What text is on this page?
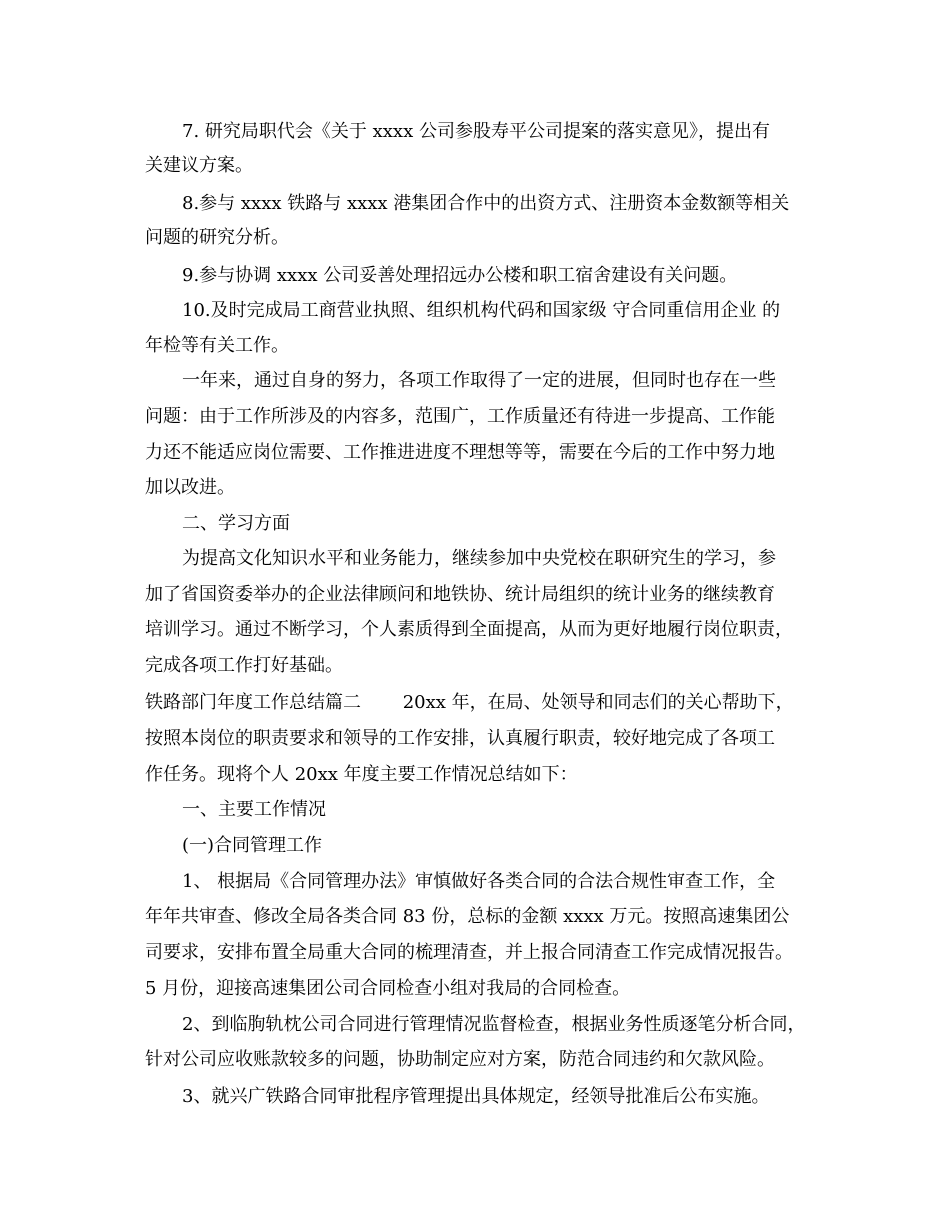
7. 研究局职代会《关于 xxxx 公司参股寿平公司提案的落实意见》，提出有
关建议方案。
8.参与 xxxx 铁路与 xxxx 港集团合作中的出资方式、注册资本金数额等相关
问题的研究分析。
9.参与协调 xxxx 公司妥善处理招远办公楼和职工宿舍建设有关问题。
10.及时完成局工商营业执照、组织机构代码和国家级 守合同重信用企业 的
年检等有关工作。
一年来，通过自身的努力，各项工作取得了一定的进展，但同时也存在一些
问题：由于工作所涉及的内容多，范围广，工作质量还有待进一步提高、工作能
力还不能适应岗位需要、工作推进进度不理想等等，需要在今后的工作中努力地
加以改进。
二、学习方面
为提高文化知识水平和业务能力，继续参加中央党校在职研究生的学习，参
加了省国资委举办的企业法律顾问和地铁协、统计局组织的统计业务的继续教育
培训学习。通过不断学习，个人素质得到全面提高，从而为更好地履行岗位职责，
完成各项工作打好基础。
铁路部门年度工作总结篇二　　 20xx 年，在局、处领导和同志们的关心帮助下，
按照本岗位的职责要求和领导的工作安排，认真履行职责，较好地完成了各项工
作任务。现将个人 20xx 年度主要工作情况总结如下：
一、主要工作情况
(一)合同管理工作
1、 根据局《合同管理办法》审慎做好各类合同的合法合规性审查工作，全
年年共审查、修改全局各类合同 83 份，总标的金额 xxxx 万元。按照高速集团公
司要求，安排布置全局重大合同的梳理清查，并上报合同清查工作完成情况报告。
5 月份，迎接高速集团公司合同检查小组对我局的合同检查。
2、到临朐轨枕公司合同进行管理情况监督检查，根据业务性质逐笔分析合同，
针对公司应收账款较多的问题，协助制定应对方案，防范合同违约和欠款风险。
3、就兴广铁路合同审批程序管理提出具体规定，经领导批准后公布实施。
